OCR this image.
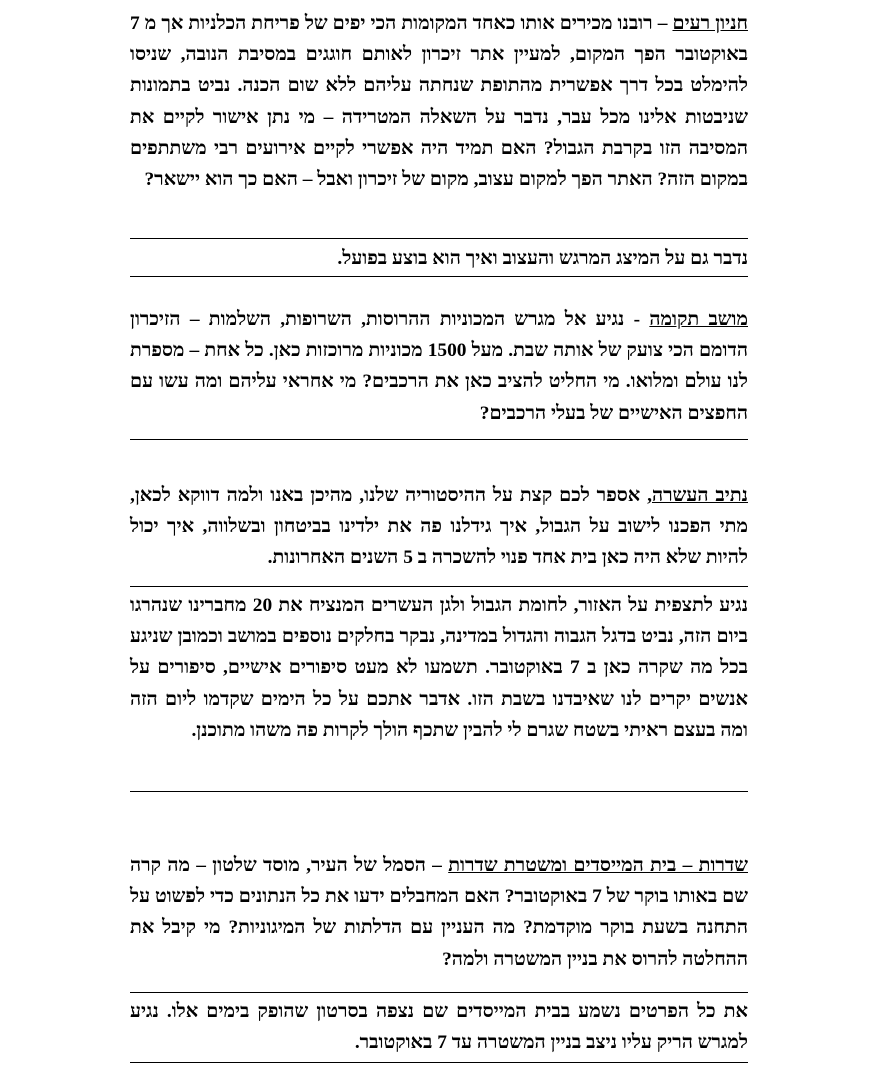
חניון רעים – רובנו מכירים אותו כאחד המקומות הכי יפים של פריחת הכלניות אך מ 7 באוקטובר הפך המקום, למעיין אתר זיכרון לאותם חוגגים במסיבת הנובה, שניסו להימלט בכל דרך אפשרית מהתופת שנחתה עליהם ללא שום הכנה. נביט בתמונות שניבטות אלינו מכל עבר, נדבר על השאלה המטרידה – מי נתן אישור לקיים את המסיבה הזו בקרבת הגבול? האם תמיד היה אפשרי לקיים אירועים רבי משתתפים במקום הזה? האתר הפך למקום עצוב, מקום של זיכרון ואבל – האם כך הוא יישאר?
נדבר גם על המיצג המרגש והעצוב ואיך הוא בוצע בפועל.
מושב תקומה - נגיע אל מגרש המכוניות ההרוסות, השרופות, השלמות – הזיכרון הדומם הכי צועק של אותה שבת. מעל 1500 מכוניות מרוכזות כאן. כל אחת – מספרת לנו עולם ומלואו. מי החליט להציב כאן את הרכבים? מי אחראי עליהם ומה עשו עם החפצים האישיים של בעלי הרכבים?
נתיב העשרה, אספר לכם קצת על ההיסטוריה שלנו, מהיכן באנו ולמה דווקא לכאן, מתי הפכנו לישוב על הגבול, איך גידלנו פה את ילדינו בביטחון ובשלווה, איך יכול להיות שלא היה כאן בית אחד פנוי להשכרה ב 5 השנים האחרונות.
נגיע לתצפית על האזור, לחומת הגבול ולגן העשרים המנציח את 20 מחברינו שנהרגו ביום הזה, נביט בדגל הגבוה והגדול במדינה, נבקר בחלקים נוספים במושב וכמובן שניגע בכל מה שקרה כאן ב 7 באוקטובר. תשמעו לא מעט סיפורים אישיים, סיפורים על אנשים יקרים לנו שאיבדנו בשבת הזו. אדבר אתכם על כל הימים שקדמו ליום הזה ומה בעצם ראיתי בשטח שגרם לי להבין שתכף הולך לקרות פה משהו מתוכנן.
שדרות – בית המייסדים ומשטרת שדרות – הסמל של העיר, מוסד שלטון – מה קרה שם באותו בוקר של 7 באוקטובר? האם המחבלים ידעו את כל הנתונים כדי לפשוט על התחנה בשעת בוקר מוקדמת? מה העניין עם הדלתות של המיגוניות? מי קיבל את ההחלטה להרוס את בניין המשטרה ולמה?
את כל הפרטים נשמע בבית המייסדים שם נצפה בסרטון שהופק בימים אלו. נגיע למגרש הריק עליו ניצב בניין המשטרה עד 7 באוקטובר.
